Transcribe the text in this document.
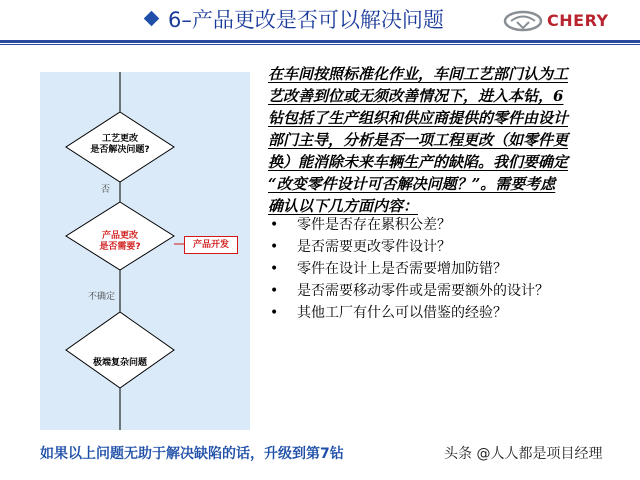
6–产品更改是否可以解决问题	CHERY
工艺更改
是否解决问题?
否
产品更改
是否需要?	产品开发
不确定
极端复杂问题
在车间按照标准化作业，车间工艺部门认为工
艺改善到位或无须改善情况下，进入本钻，6
钻包括了生产组织和供应商提供的零件由设计
部门主导，分析是否一项工程更改（如零件更
换）能消除未来车辆生产的缺陷。我们要确定
“改变零件设计可否解决问题？”。需要考虑
确认以下几方面内容：
•	零件是否存在累积公差？
•	是否需要更改零件设计？
•	零件在设计上是否需要增加防错？
•	是否需要移动零件或是需要额外的设计？
•	其他工厂有什么可以借鉴的经验？
如果以上问题无助于解决缺陷的话，升级到第7钻	头条 @人人都是项目经理
